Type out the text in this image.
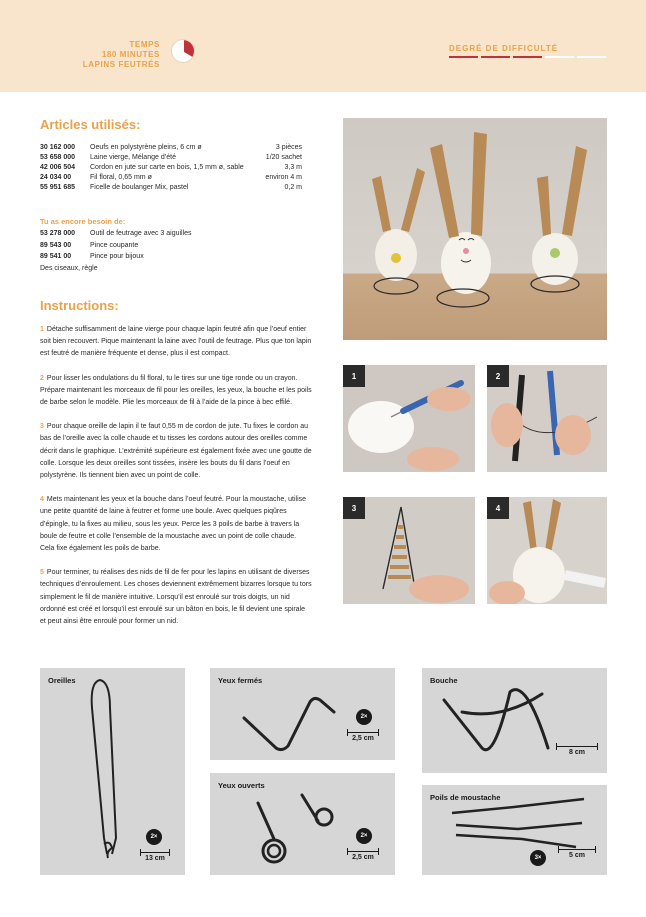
TEMPS
180 MINUTES
LAPINS FEUTRÉS
DEGRÉ DE DIFFICULTÉ
Articles utilisés:
30 162 000	Oeufs en polystyrène pleins, 6 cm ø	3 pièces
53 658 000	Laine vierge, Mélange d’été	1/20 sachet
42 006 504	Cordon en jute sur carte en bois, 1,5 mm ø, sable	3,3 m
24 034 00	Fil floral, 0,65 mm ø	environ 4 m
55 951 685	Ficelle de boulanger Mix, pastel	0,2 m
Tu as encore besoin de:
53 278 000	Outil de feutrage avec 3 aiguilles
89 543 00	Pince coupante
89 541 00	Pince pour bijoux
Des ciseaux, règle
Instructions:
1 Détache suffisamment de laine vierge pour chaque lapin feutré afin que l’oeuf entier soit bien recouvert. Pique maintenant la laine avec l’outil de feutrage. Plus que ton lapin est feutré de manière fréquente et dense, plus il est compact.
2 Pour lisser les ondulations du fil floral, tu le tires sur une tige ronde ou un crayon. Prépare maintenant les morceaux de fil pour les oreilles, les yeux, la bouche et les poils de barbe selon le modèle. Plie les morceaux de fil à l’aide de la pince à bec effilé.
3 Pour chaque oreille de lapin il te faut 0,55 m de cordon de jute. Tu fixes le cordon au bas de l’oreille avec la colle chaude et tu tisses les cordons autour des oreilles comme décrit dans le graphique. L’extrémité supérieure est également fixée avec une goutte de colle. Lorsque les deux oreilles sont tissées, insère les bouts du fil dans l’oeuf en polystyrène. Ils tiennent bien avec un point de colle.
4 Mets maintenant les yeux et la bouche dans l’oeuf feutré. Pour la moustache, utilise une petite quantité de laine à feutrer et forme une boule. Avec quelques piqûres d’épingle, tu la fixes au milieu, sous les yeux. Perce les 3 poils de barbe à travers la boule de feutre et colle l’ensemble de la moustache avec un point de colle chaude. Cela fixe également les poils de barbe.
5 Pour terminer, tu réalises des nids de fil de fer pour les lapins en utilisant de diverses techniques d’enroulement. Les choses deviennent extrêmement bizarres lorsque tu tors simplement le fil de manière intuitive. Lorsqu’il est enroulé sur trois doigts, un nid ordonné est créé et lorsqu’il est enroulé sur un bâton en bois, le fil devient une spirale et peut ainsi être enroulé pour former un nid.
1	2
3	4
Oreilles
2×
13 cm
Yeux fermés
2×
2,5 cm
Yeux ouverts
2×
2,5 cm
Bouche
8 cm
Poils de moustache
3×	5 cm
